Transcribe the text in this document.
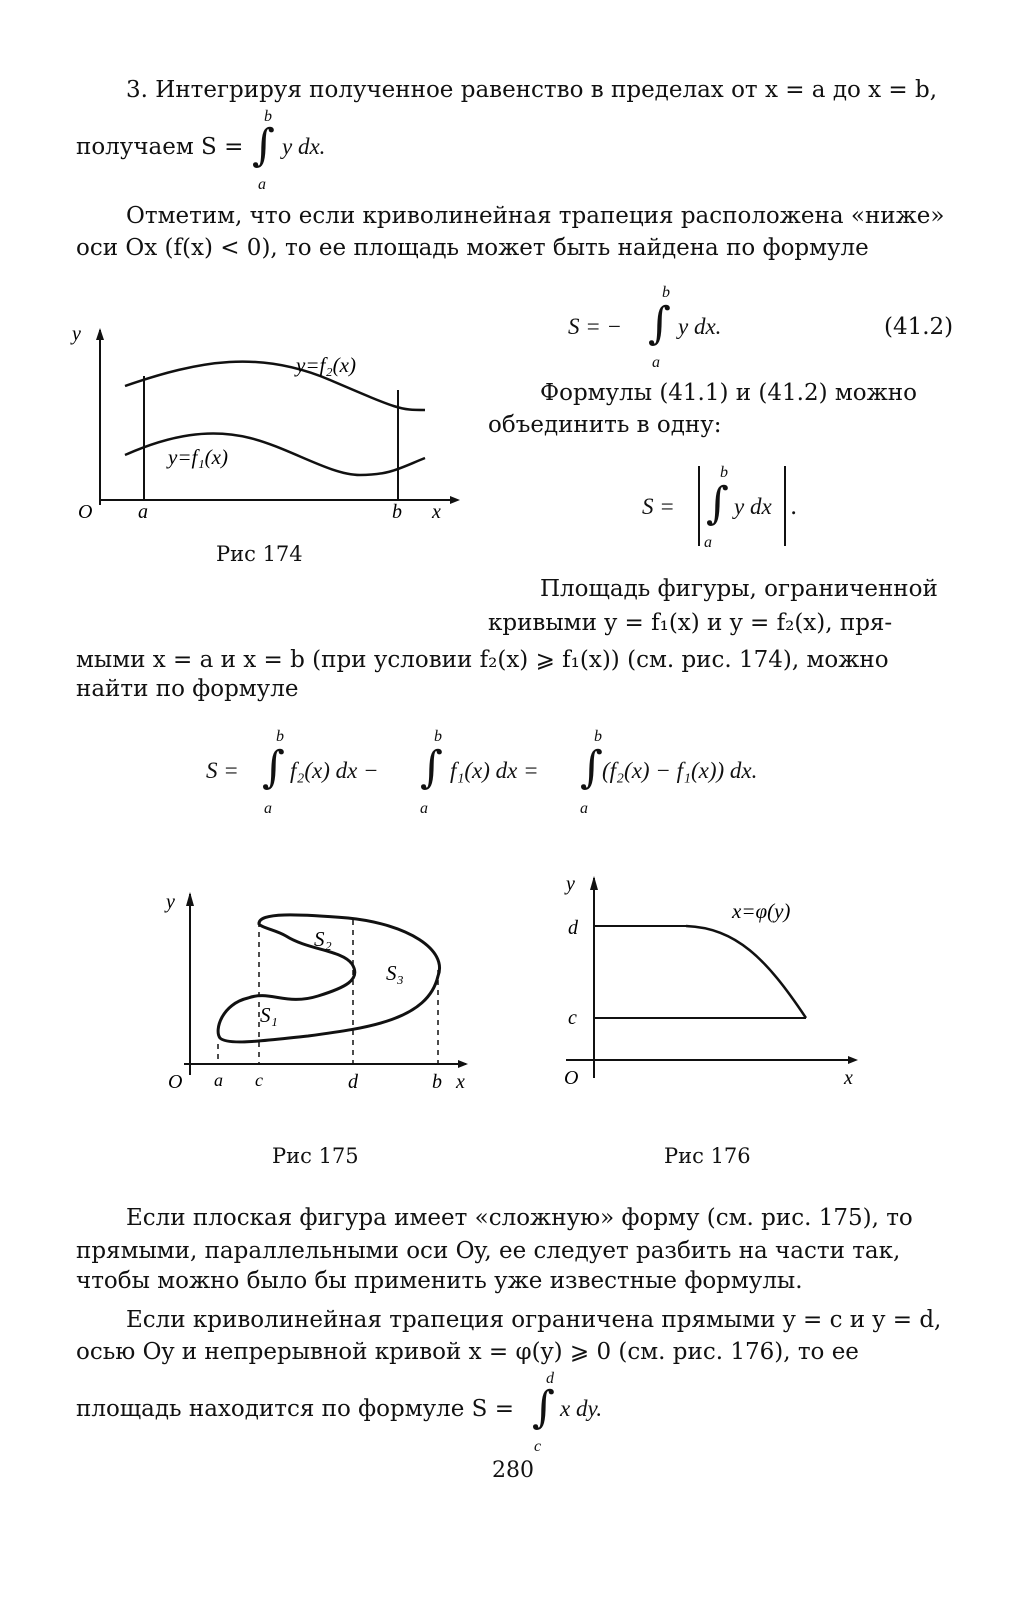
3. Интегрируя полученное равенство в пределах от x = a до x = b,
получаем S =
b
∫ y dx.
a
Отметим, что если криволинейная трапеция расположена «ниже»
оси Ox (f(x) < 0), то ее площадь может быть найдена по формуле
y
O a	b x
y=f₂(x)
y=f₁(x)
Рис 174
S = −
b
∫ y dx.
a
(41.2)
Формулы (41.1) и (41.2) можно
объединить в одну:
S =
b
∫ y dx
a
.
Площадь фигуры, ограниченной
кривыми y = f₁(x) и y = f₂(x), пря-
мыми x = a и x = b (при условии f₂(x) ⩾ f₁(x)) (см. рис. 174), можно
найти по формуле
S =
b
∫
a
f₂(x) dx −
b
∫
a
f₁(x) dx =
b
∫
a
(f₂(x) − f₁(x)) dx.
y
O a c	d	b x
S₁
S₂
S₃
Рис 175
y
d
c
O	x
x=φ(y)
Рис 176
Если плоская фигура имеет «сложную» форму (см. рис. 175), то
прямыми, параллельными оси Oy, ее следует разбить на части так,
чтобы можно было бы применить уже известные формулы.
Если криволинейная трапеция ограничена прямыми y = c и y = d,
осью Oy и непрерывной кривой x = φ(y) ⩾ 0 (см. рис. 176), то ее
площадь находится по формуле S =
d
∫ x dy.
c
280
